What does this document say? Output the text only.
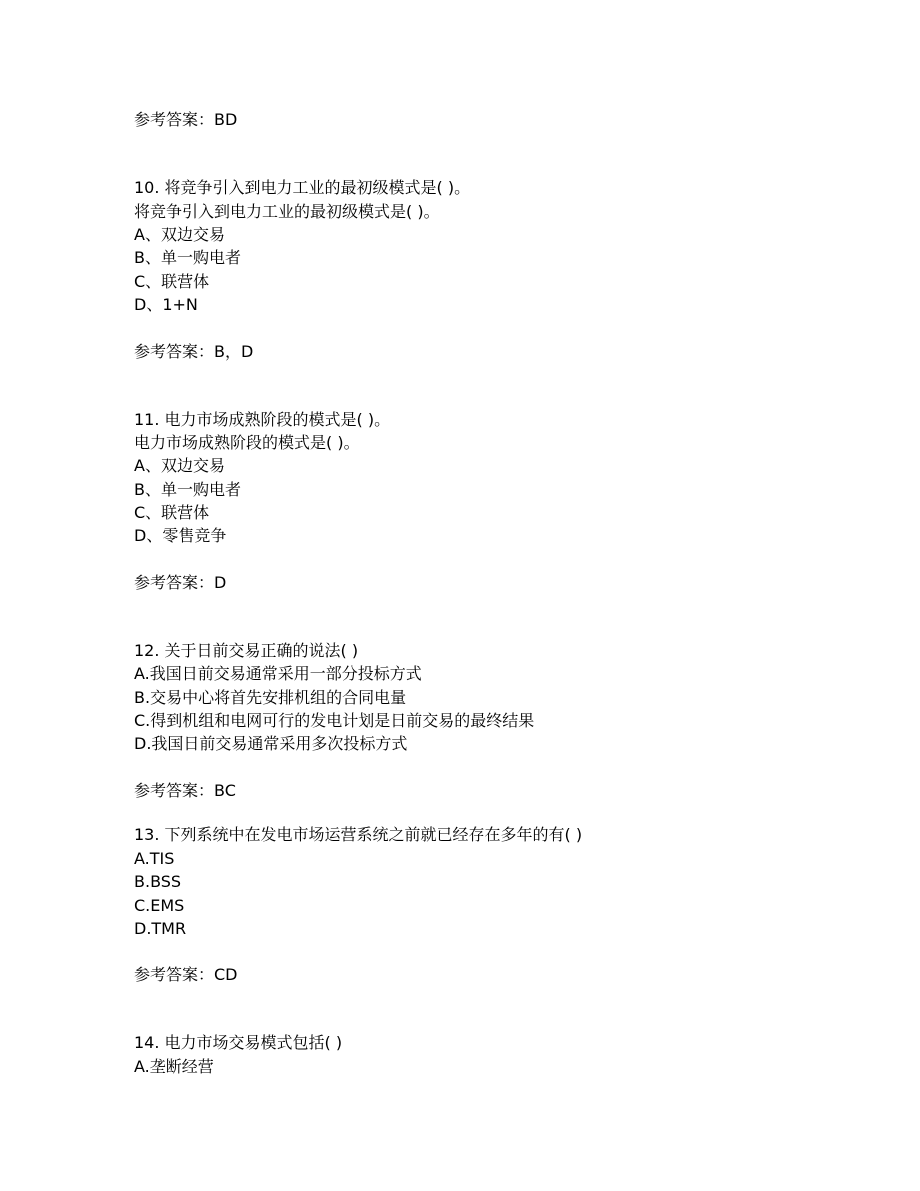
参考答案：BD
10. 将竞争引入到电力工业的最初级模式是( )。
将竞争引入到电力工业的最初级模式是( )。
A、双边交易
B、单一购电者
C、联营体
D、1+N
参考答案：B，D
11. 电力市场成熟阶段的模式是( )。
电力市场成熟阶段的模式是( )。
A、双边交易
B、单一购电者
C、联营体
D、零售竞争
参考答案：D
12. 关于日前交易正确的说法( )
A.我国日前交易通常采用一部分投标方式
B.交易中心将首先安排机组的合同电量
C.得到机组和电网可行的发电计划是日前交易的最终结果
D.我国日前交易通常采用多次投标方式
参考答案：BC
13. 下列系统中在发电市场运营系统之前就已经存在多年的有( )
A.TIS
B.BSS
C.EMS
D.TMR
参考答案：CD
14. 电力市场交易模式包括( )
A.垄断经营
